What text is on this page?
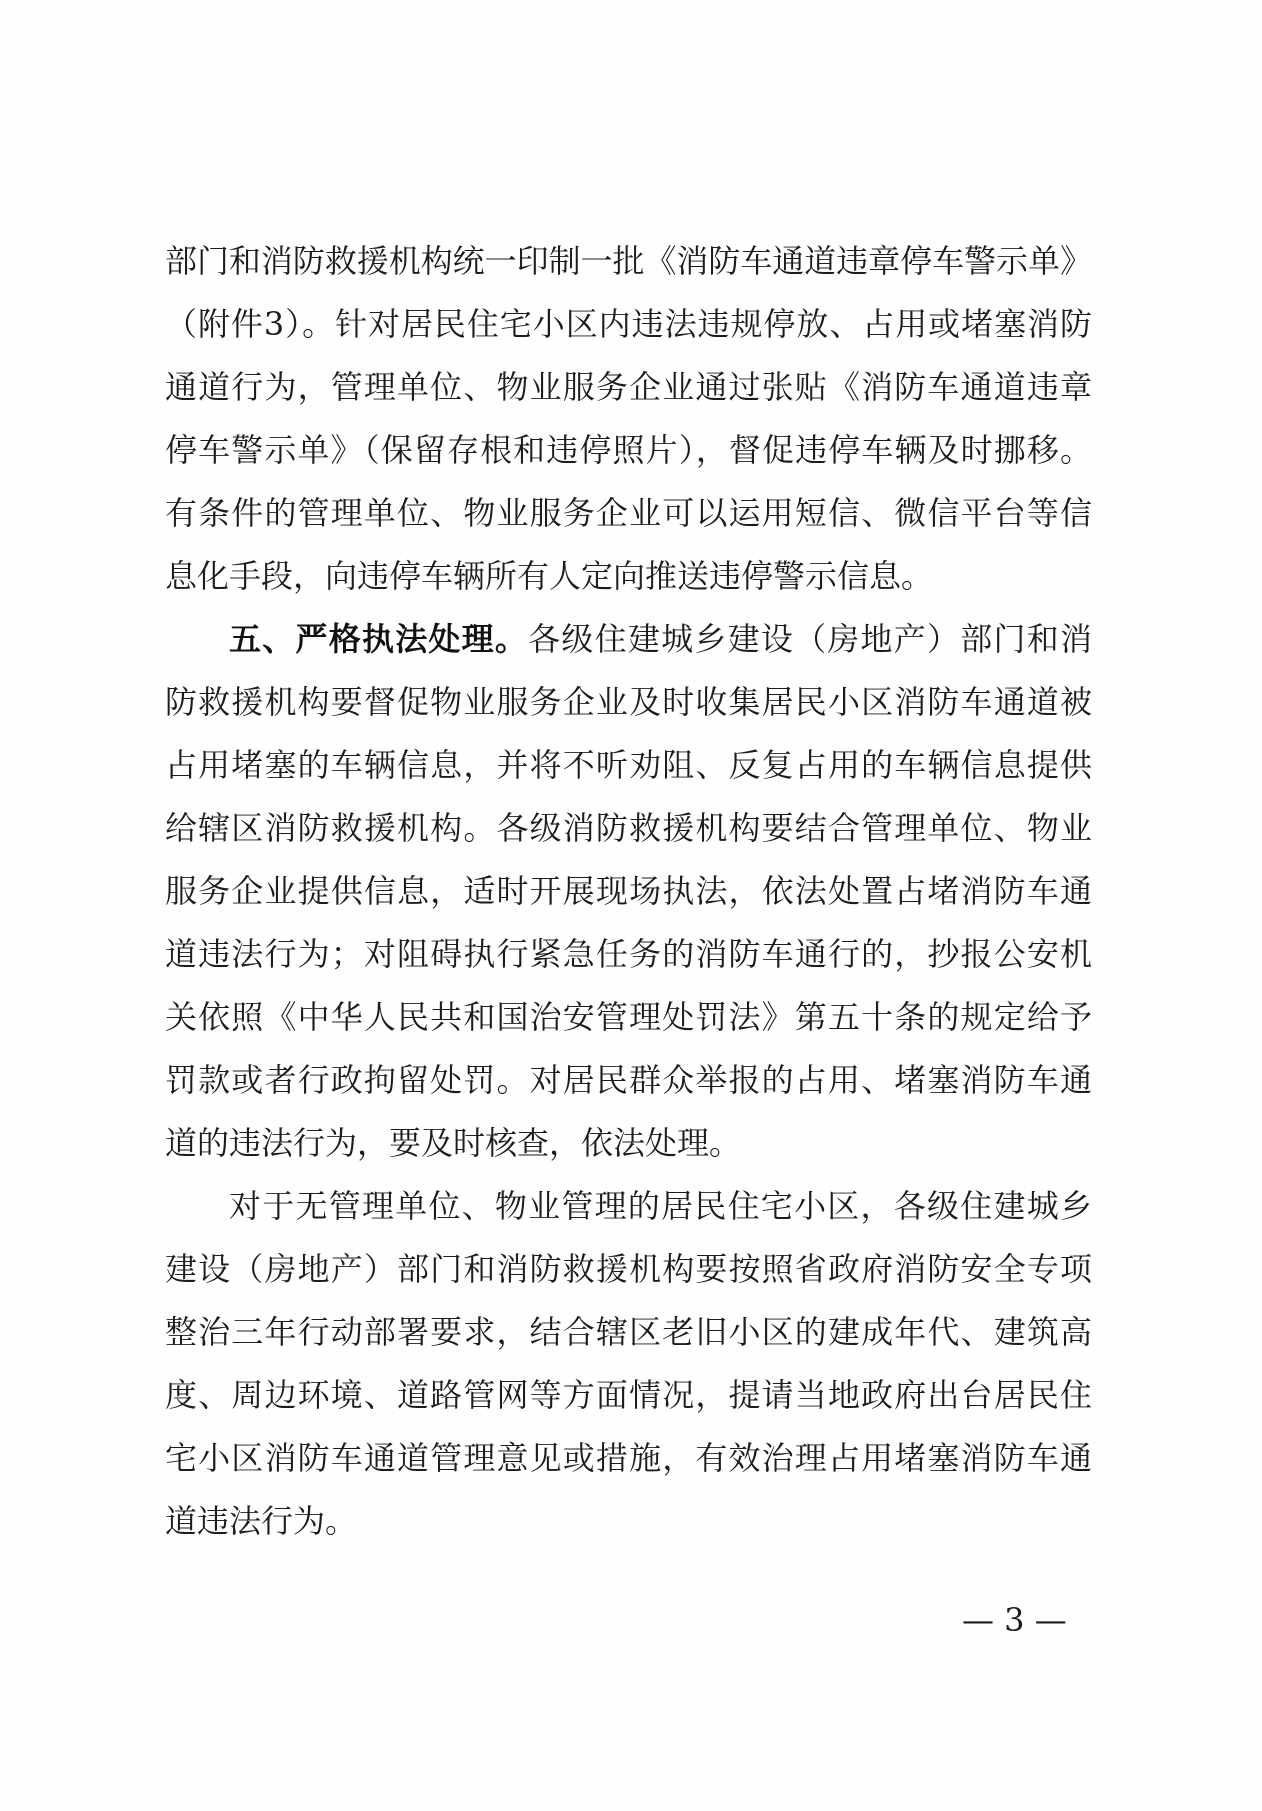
部门和消防救援机构统一印制一批《消防车通道违章停车警示单》
（附件3）。针对居民住宅小区内违法违规停放、占用或堵塞消防
通道行为，管理单位、物业服务企业通过张贴《消防车通道违章
停车警示单》（保留存根和违停照片），督促违停车辆及时挪移。
有条件的管理单位、物业服务企业可以运用短信、微信平台等信
息化手段，向违停车辆所有人定向推送违停警示信息。
五、严格执法处理。各级住建城乡建设（房地产）部门和消
防救援机构要督促物业服务企业及时收集居民小区消防车通道被
占用堵塞的车辆信息，并将不听劝阻、反复占用的车辆信息提供
给辖区消防救援机构。各级消防救援机构要结合管理单位、物业
服务企业提供信息，适时开展现场执法，依法处置占堵消防车通
道违法行为；对阻碍执行紧急任务的消防车通行的，抄报公安机
关依照《中华人民共和国治安管理处罚法》第五十条的规定给予
罚款或者行政拘留处罚。对居民群众举报的占用、堵塞消防车通
道的违法行为，要及时核查，依法处理。
对于无管理单位、物业管理的居民住宅小区，各级住建城乡
建设（房地产）部门和消防救援机构要按照省政府消防安全专项
整治三年行动部署要求，结合辖区老旧小区的建成年代、建筑高
度、周边环境、道路管网等方面情况，提请当地政府出台居民住
宅小区消防车通道管理意见或措施，有效治理占用堵塞消防车通
道违法行为。
— 3 —
